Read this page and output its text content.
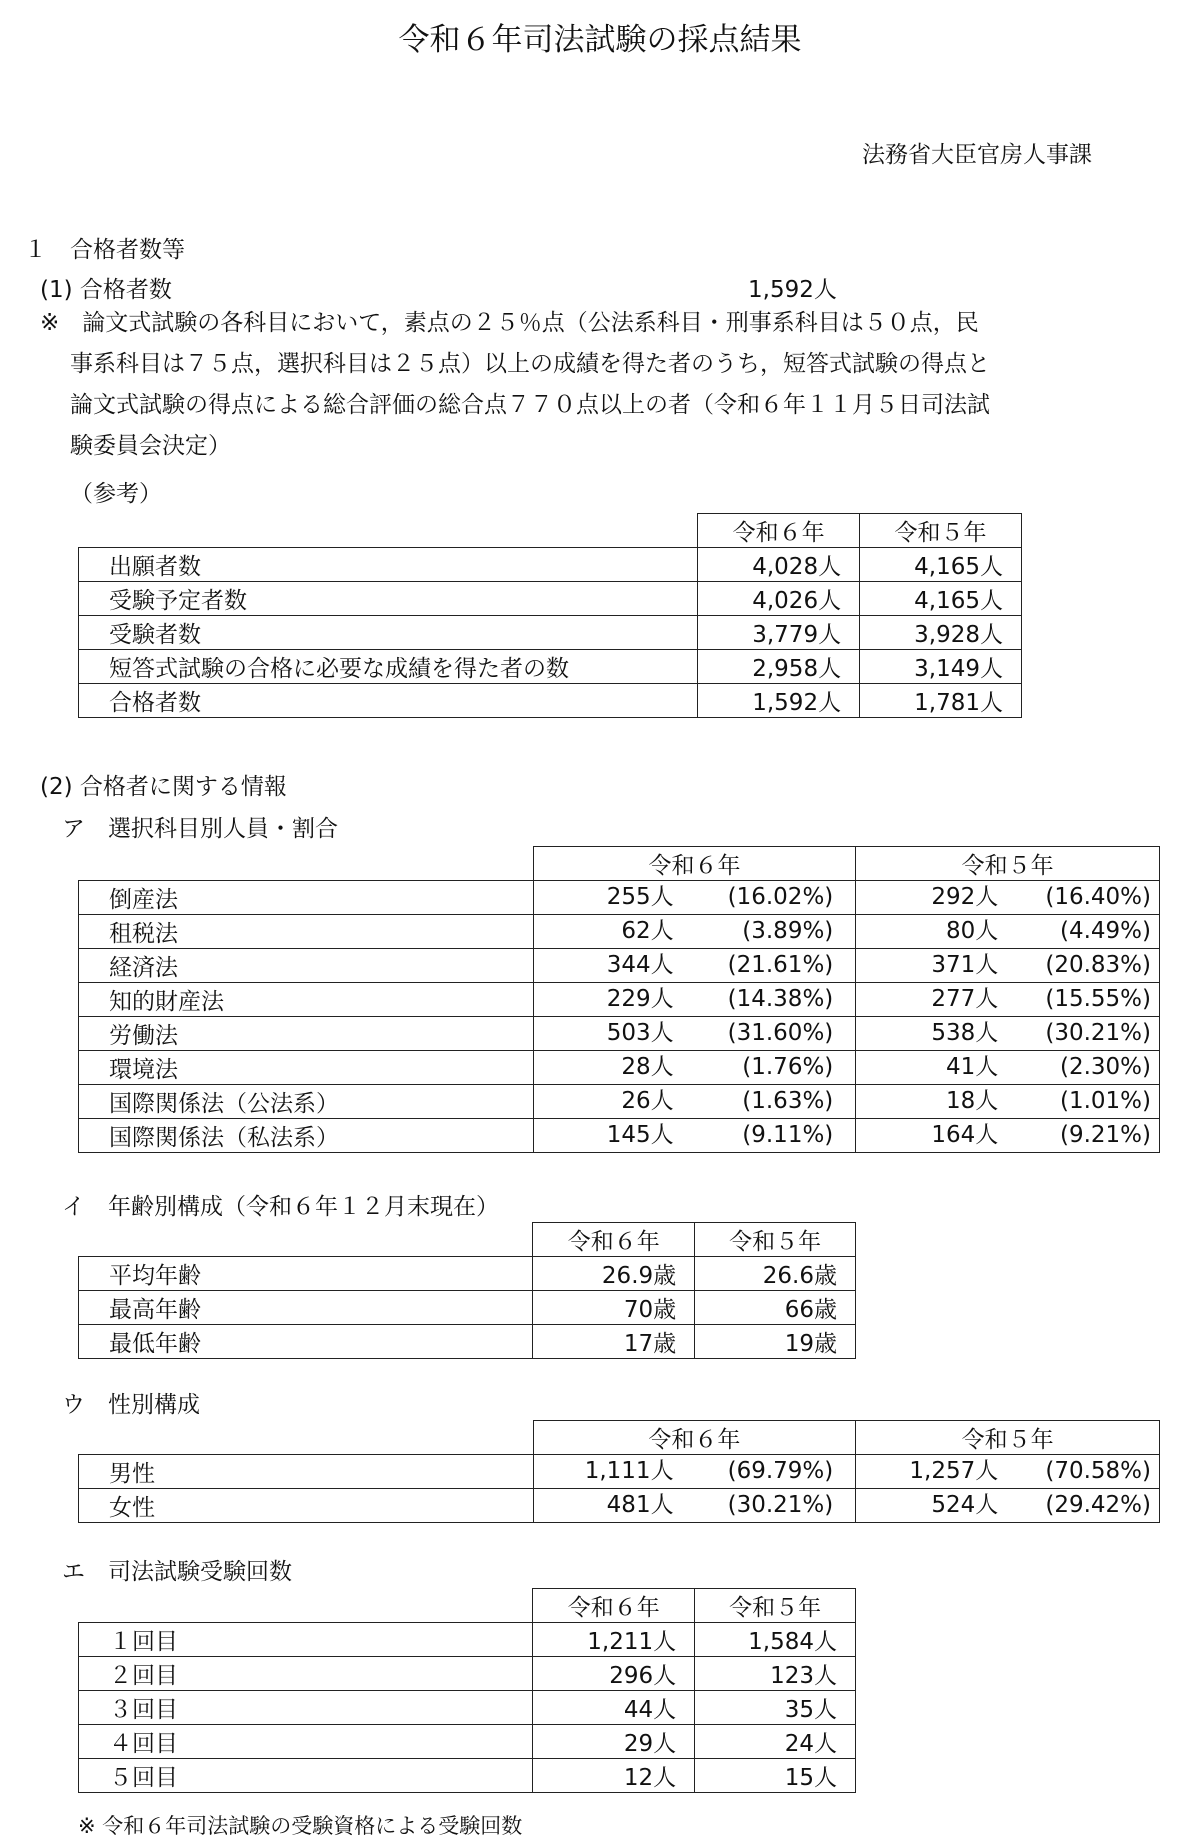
令和６年司法試験の採点結果
法務省大臣官房人事課
１　合格者数等
(1) 合格者数	1,592人
※　論文式試験の各科目において，素点の２５％点（公法系科目・刑事系科目は５０点，民
事系科目は７５点，選択科目は２５点）以上の成績を得た者のうち，短答式試験の得点と
論文式試験の得点による総合評価の総合点７７０点以上の者（令和６年１１月５日司法試
験委員会決定）
（参考）
	令和６年	令和５年
出願者数	4,028人	4,165人
受験予定者数	4,026人	4,165人
受験者数	3,779人	3,928人
短答式試験の合格に必要な成績を得た者の数	2,958人	3,149人
合格者数	1,592人	1,781人
(2) 合格者に関する情報
ア　選択科目別人員・割合
	令和６年	令和５年
倒産法	255人 (16.02%)	292人 (16.40%)

租税法	62人 (3.89%)	80人 (4.49%)

経済法	344人 (21.61%)	371人 (20.83%)

知的財産法	229人 (14.38%)	277人 (15.55%)

労働法	503人 (31.60%)	538人 (30.21%)

環境法	28人 (1.76%)	41人 (2.30%)

国際関係法（公法系）	26人 (1.63%)	18人 (1.01%)

国際関係法（私法系）	145人 (9.11%)	164人 (9.21%)
イ　年齢別構成（令和６年１２月末現在）
	令和６年	令和５年
平均年齢	26.9歳	26.6歳
最高年齢	70歳	66歳
最低年齢	17歳	19歳
ウ　性別構成
	令和６年	令和５年
男性	1,111人 (69.79%)	1,257人 (70.58%)

女性	481人 (30.21%)	524人 (29.42%)
エ　司法試験受験回数
	令和６年	令和５年
１回目	1,211人	1,584人
２回目	296人	123人
３回目	44人	35人
４回目	29人	24人
５回目	12人	15人
※ 令和６年司法試験の受験資格による受験回数
